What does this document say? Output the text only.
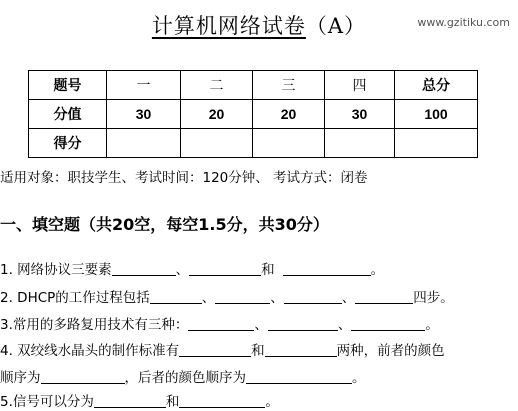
计算机网络试卷（A）	www.gzitiku.com
题号	一	二	三	四	总分
分值	30	20	20	30	100
得分					
适用对象：职技学生、考试时间：120分钟、 考试方式：闭卷
一、填空题（共20空，每空1.5分，共30分）
1. 网络协议三要素	、	和	。
2. DHCP的工作过程包括	、	、	、	四步。
3.常用的多路复用技术有三种：	、	、	。
4. 双绞线水晶头的制作标准有	和	两种，前者的颜色
顺序为	，后者的颜色顺序为	。
5.信号可以分为	和	。
